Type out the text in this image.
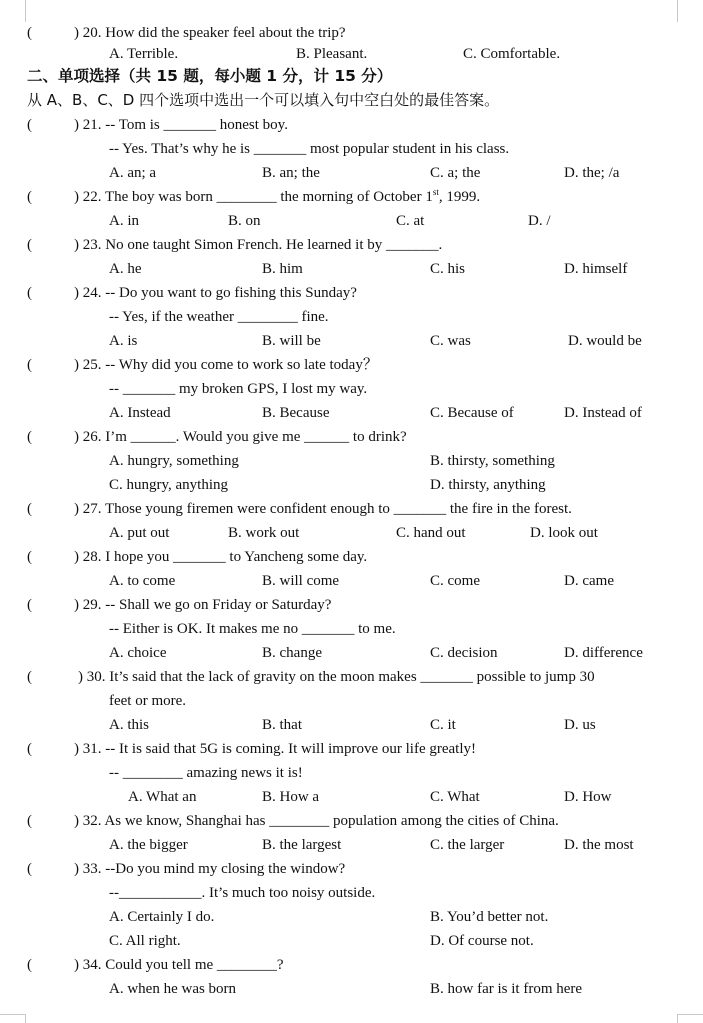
(	) 20. How did the speaker feel about the trip?
A. Terrible.	B. Pleasant.	C. Comfortable.
二、单项选择（共 15 题，每小题 1 分，计 15 分）
从 A、B、C、D 四个选项中选出一个可以填入句中空白处的最佳答案。
(	) 21. -- Tom is _______ honest boy.
-- Yes. That’s why he is _______ most popular student in his class.
A. an; a	B. an; the	C. a; the	D. the; /a
(	) 22. The boy was born ________ the morning of October 1st, 1999.
A. in	B. on	C. at	D. /
(	) 23. No one taught Simon French. He learned it by _______.
A. he	B. him	C. his	D. himself
(	) 24. -- Do you want to go fishing this Sunday?
-- Yes, if the weather ________ fine.
A. is	B. will be	C. was	D. would be
(	) 25. -- Why did you come to work so late today？
-- _______ my broken GPS, I lost my way.
A. Instead	B. Because	C. Because of	D. Instead of
(	) 26. I’m ______. Would you give me ______ to drink?
A. hungry, something	B. thirsty, something
C. hungry, anything	D. thirsty, anything
(	) 27. Those young firemen were confident enough to _______ the fire in the forest.
A. put out	B. work out	C. hand out	D. look out
(	) 28. I hope you _______ to Yancheng some day.
A. to come	B. will come	C. come	D. came
(	) 29. -- Shall we go on Friday or Saturday?
-- Either is OK. It makes me no _______ to me.
A. choice	B. change	C. decision	D. difference
(	) 30. It’s said that the lack of gravity on the moon makes _______ possible to jump 30
feet or more.
A. this	B. that	C. it	D. us
(	) 31. -- It is said that 5G is coming. It will improve our life greatly!
-- ________ amazing news it is!
A. What an	B. How a	C. What	D. How
(	) 32. As we know, Shanghai has ________ population among the cities of China.
A. the bigger	B. the largest	C. the larger	D. the most
(	) 33. --Do you mind my closing the window?
--___________. It’s much too noisy outside.
A. Certainly I do.	B. You’d better not.
C. All right.	D. Of course not.
(	) 34. Could you tell me ________?
A. when he was born	B. how far is it from here
